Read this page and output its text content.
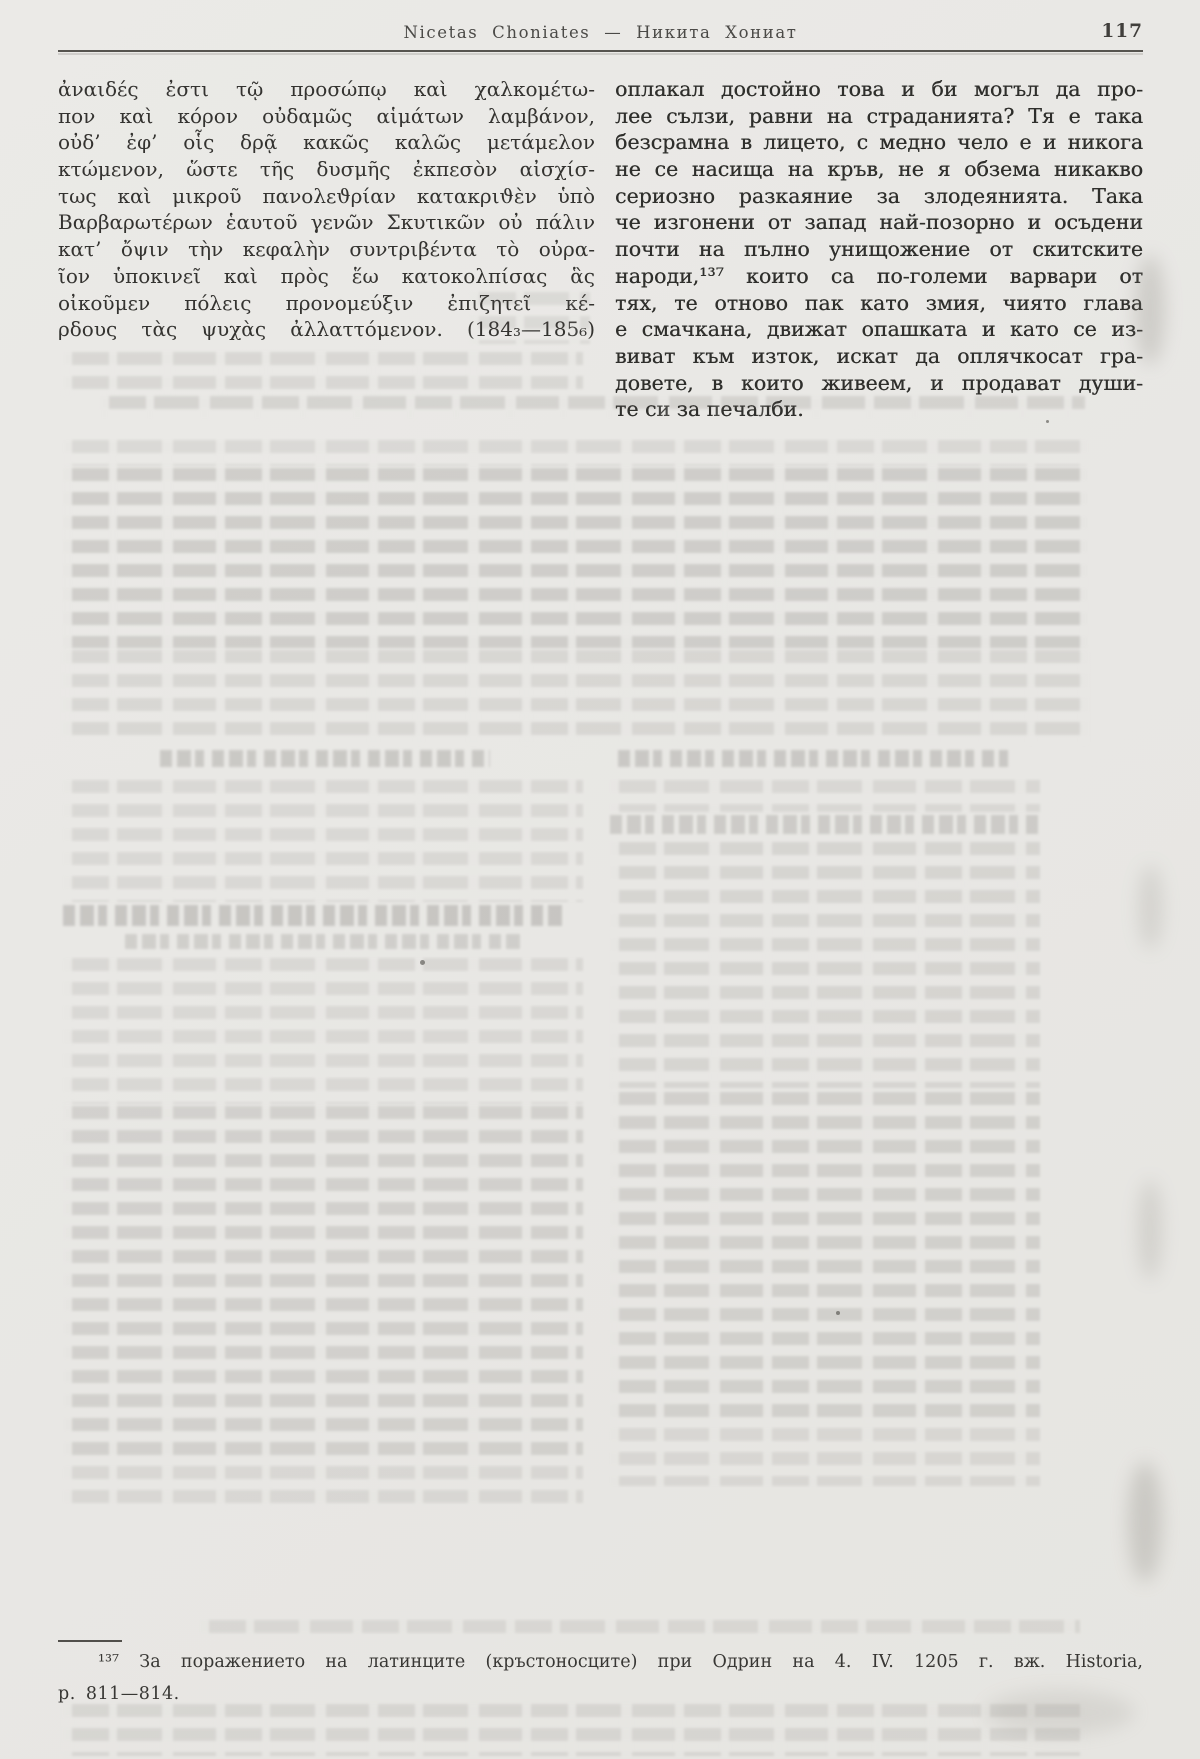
Nicetas Choniates — Никита Хониат	117
ἀναιδές ἐστι τῷ προσώπῳ καὶ χαλκομέτω-
πον καὶ κόρον οὐδαμῶς αἱμάτων λαμβάνον,
οὐδ’ ἐφ’ οἷς δρᾷ κακῶς καλῶς μετάμελον
κτώμενον, ὥστε τῆς δυσμῆς ἐκπεσὸν αἰσχίσ-
τως καὶ μικροῦ πανολεϑρίαν κατακριϑὲν ὑπὸ
Βαρβαρωτέρων ἑαυτοῦ γενῶν Σκυτικῶν οὐ πάλιν
κατ’ ὄψιν τὴν κεφαλὴν συντριβέντα τὸ οὐρα-
ῖον ὑποκινεῖ καὶ πρὸς ἕω κατοκολπίσας ἃς
οἰκοῦμεν πόλεις προνομεύξιν ἐπιζητεῖ κέ-
ρδους τὰς ψυχὰς ἀλλαττόμενον. (184₃—185₆)
оплакал достойно това и би могъл да про-
лее сълзи, равни на страданията? Тя е така
безсрамна в лицето, с медно чело е и никога
не се насища на кръв, не я обзема никакво
сериозно разкаяние за злодеянията. Така
че изгонени от запад най-позорно и осъдени
почти на пълно унищожение от скитските
народи,¹³⁷ които са по-големи варвари от
тях, те отново пак като змия, чиято глава
е смачкана, движат опашката и като се из-
виват към изток, искат да оплячкосат гра-
довете, в които живеем, и продават души-
те си за печалби.
¹³⁷ За поражението на латинците (кръстоносците) при Одрин на 4. IV. 1205 г. вж. Historia,
p. 811—814.
